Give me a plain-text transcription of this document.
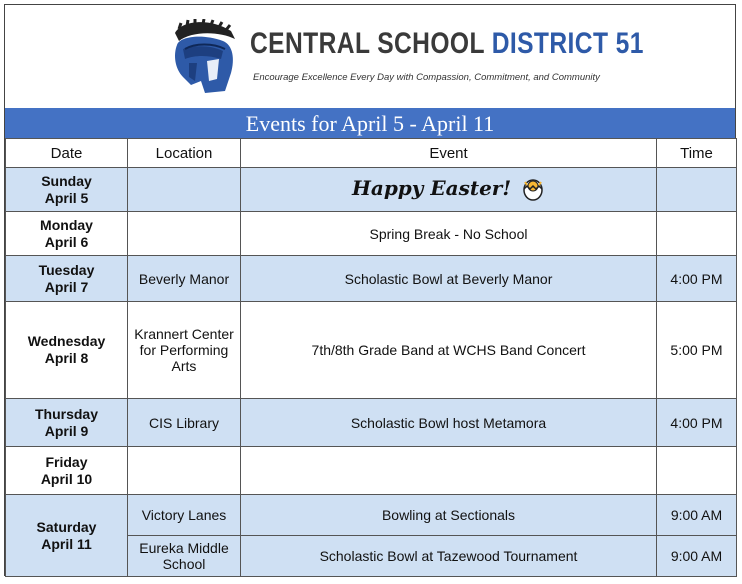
CENTRAL SCHOOL DISTRICT 51
Encourage Excellence Every Day with Compassion, Commitment, and Community
Events for April 5 - April 11
Date	Location	Event	Time
Sunday
April 5		Happy Easter!	
Monday
April 6		Spring Break - No School	
Tuesday
April 7	Beverly Manor	Scholastic Bowl at Beverly Manor	4:00 PM
Wednesday
April 8	Krannert Center for Performing Arts	7th/8th Grade Band at WCHS Band Concert	5:00 PM
Thursday
April 9	CIS Library	Scholastic Bowl host Metamora	4:00 PM
Friday
April 10			
Saturday
April 11	Victory Lanes	Bowling at Sectionals	9:00 AM
	Eureka Middle School	Scholastic Bowl at Tazewood Tournament	9:00 AM
